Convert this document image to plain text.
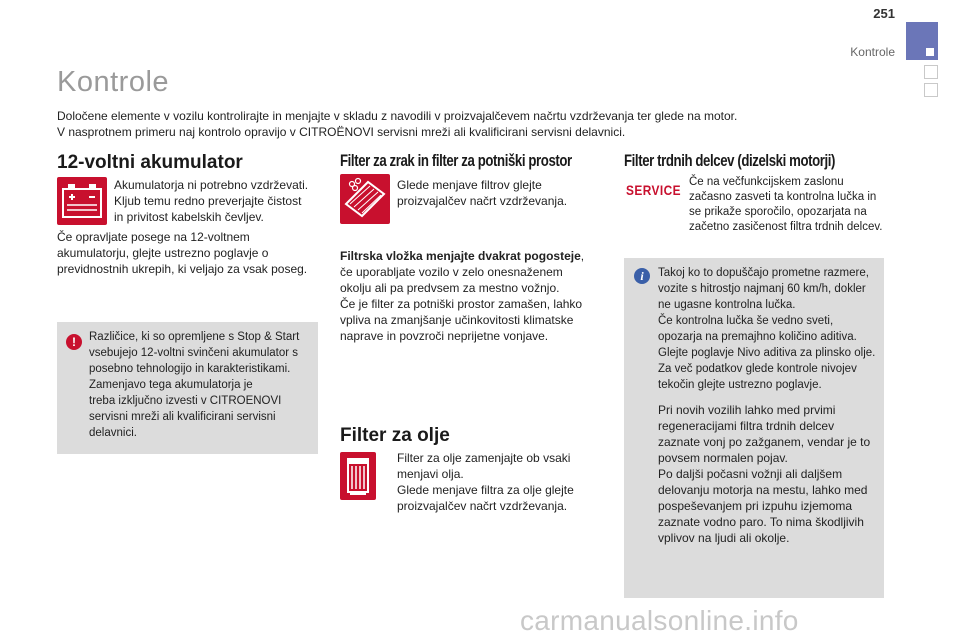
251
Kontrole
Kontrole

Določene elemente v vozilu kontrolirajte in menjajte v skladu z navodili v proizvajalčevem načrtu vzdrževanja ter glede na motor.

V nasprotnem primeru naj kontrolo opravijo v CITROËNOVI servisni mreži ali kvalificirani servisni delavnici.

12-voltni akumulator

Akumulatorja ni potrebno vzdrževati.

Kljub temu redno preverjajte čistost

in privitost kabelskih čevljev.

Če opravljate posege na 12-voltnem

akumulatorju, glejte ustrezno poglavje o

previdnostnih ukrepih, ki veljajo za vsak poseg.

!	Različice, ki so opremljene s Stop & Start

vsebujejo 12-voltni svinčeni akumulator s

posebno tehnologijo in karakteristikami.

Zamenjavo tega akumulatorja je

treba izključno izvesti v CITROENOVI

servisni mreži ali kvalificirani servisni

delavnici.

Filter za zrak in filter za potniški prostor

Glede menjave filtrov glejte

proizvajalčev načrt vzdrževanja.

Filtrska vložka menjajte dvakrat pogosteje,

če uporabljate vozilo v zelo onesnaženem

okolju ali pa predvsem za mestno vožnjo.

Če je filter za potniški prostor zamašen, lahko

vpliva na zmanjšanje učinkovitosti klimatske

naprave in povzroči neprijetne vonjave.

Filter za olje

Filter za olje zamenjajte ob vsaki

menjavi olja.

Glede menjave filtra za olje glejte

proizvajalčev načrt vzdrževanja.

Filter trdnih delcev (dizelski motorji)
SERVICE Če na večfunkcijskem zaslonu

začasno zasveti ta kontrolna lučka in

se prikaže sporočilo, opozarjata na

začetno zasičenost filtra trdnih delcev.

i	Takoj ko to dopuščajo prometne razmere,

vozite s hitrostjo najmanj 60 km/h, dokler

ne ugasne kontrolna lučka.

Če kontrolna lučka še vedno sveti,

opozarja na premajhno količino aditiva.

Glejte poglavje Nivo aditiva za plinsko olje.

Za več podatkov glede kontrole nivojev

tekočin glejte ustrezno poglavje.

Pri novih vozilih lahko med prvimi

regeneracijami filtra trdnih delcev

zaznate vonj po zažganem, vendar je to

povsem normalen pojav.

Po daljši počasni vožnji ali daljšem

delovanju motorja na mestu, lahko med

pospeševanjem pri izpuhu izjemoma

zaznate vodno paro. To nima škodljivih

vplivov na ljudi ali okolje.

carmanualsonline.info
